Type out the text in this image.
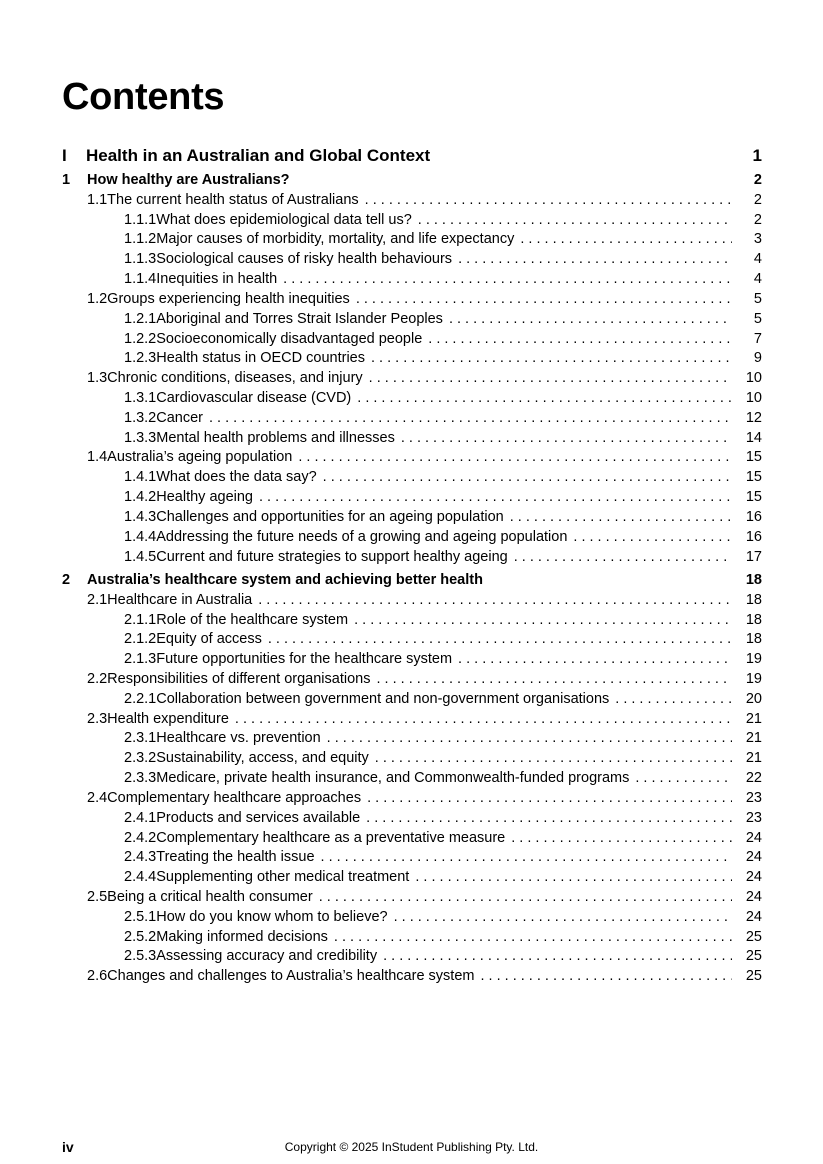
Contents
I	Health in an Australian and Global Context	1
1	How healthy are Australians?	2
1.1 The current health status of Australians . . .	2
1.1.1 What does epidemiological data tell us? . . .	2
1.1.2 Major causes of morbidity, mortality, and life expectancy . . .	3
1.1.3 Sociological causes of risky health behaviours . . .	4
1.1.4 Inequities in health . . .	4
1.2 Groups experiencing health inequities . . .	5
1.2.1 Aboriginal and Torres Strait Islander Peoples . . .	5
1.2.2 Socioeconomically disadvantaged people . . .	7
1.2.3 Health status in OECD countries . . .	9
1.3 Chronic conditions, diseases, and injury . . .	10
1.3.1 Cardiovascular disease (CVD) . . .	10
1.3.2 Cancer . . .	12
1.3.3 Mental health problems and illnesses . . .	14
1.4 Australia’s ageing population . . .	15
1.4.1 What does the data say? . . .	15
1.4.2 Healthy ageing . . .	15
1.4.3 Challenges and opportunities for an ageing population . . .	16
1.4.4 Addressing the future needs of a growing and ageing population . . .	16
1.4.5 Current and future strategies to support healthy ageing . . .	17
2	Australia’s healthcare system and achieving better health	18
2.1 Healthcare in Australia . . .	18
2.1.1 Role of the healthcare system . . .	18
2.1.2 Equity of access . . .	18
2.1.3 Future opportunities for the healthcare system . . .	19
2.2 Responsibilities of different organisations . . .	19
2.2.1 Collaboration between government and non-government organisations . . .	20
2.3 Health expenditure . . .	21
2.3.1 Healthcare vs. prevention . . .	21
2.3.2 Sustainability, access, and equity . . .	21
2.3.3 Medicare, private health insurance, and Commonwealth-funded programs . . .	22
2.4 Complementary healthcare approaches . . .	23
2.4.1 Products and services available . . .	23
2.4.2 Complementary healthcare as a preventative measure . . .	24
2.4.3 Treating the health issue . . .	24
2.4.4 Supplementing other medical treatment . . .	24
2.5 Being a critical health consumer . . .	24
2.5.1 How do you know whom to believe? . . .	24
2.5.2 Making informed decisions . . .	25
2.5.3 Assessing accuracy and credibility . . .	25
2.6 Changes and challenges to Australia’s healthcare system . . .	25
iv	Copyright © 2025 InStudent Publishing Pty. Ltd.
